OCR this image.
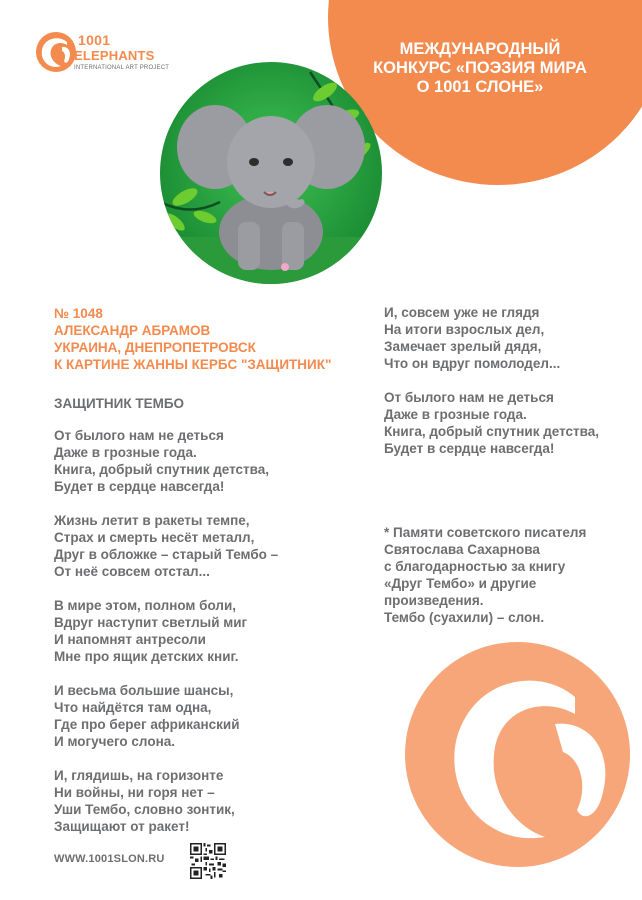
МЕЖДУНАРОДНЫЙ
КОНКУРС «ПОЭЗИЯ МИРА
О 1001 СЛОНЕ»
1001
ELEPHANTS
INTERNATIONAL ART PROJECT
№ 1048
АЛЕКСАНДР АБРАМОВ
УКРАИНА, ДНЕПРОПЕТРОВСК
К КАРТИНЕ ЖАННЫ КЕРБС "ЗАЩИТНИК"
ЗАЩИТНИК ТЕМБО
От былого нам не деться
Даже в грозные года.
Книга, добрый спутник детства,
Будет в сердце навсегда!
Жизнь летит в ракеты темпе,
Страх и смерть несёт металл,
Друг в обложке – старый Тембо –
От неё совсем отстал...
В мире этом, полном боли,
Вдруг наступит светлый миг
И напомнят антресоли
Мне про ящик детских книг.
И весьма большие шансы,
Что найдётся там одна,
Где про берег африканский
И могучего слона.
И, глядишь, на горизонте
Ни войны, ни горя нет –
Уши Тембо, словно зонтик,
Защищают от ракет!
И, совсем уже не глядя
На итоги взрослых дел,
Замечает зрелый дядя,
Что он вдруг помолодел...
От былого нам не деться
Даже в грозные года.
Книга, добрый спутник детства,
Будет в сердце навсегда!
* Памяти советского писателя
Святослава Сахарнова
с благодарностью за книгу
«Друг Тембо» и другие
произведения.
Тембо (суахили) – слон.
WWW.1001SLON.RU
